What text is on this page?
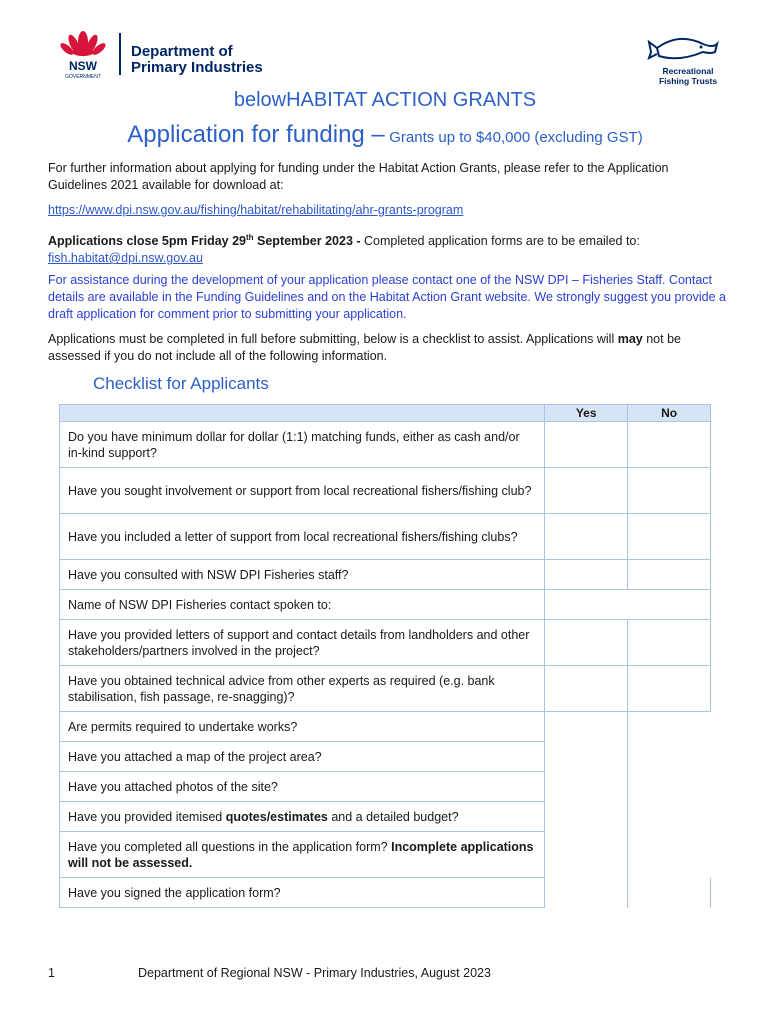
NSW
GOVERNMENT
Department of
Primary Industries	Recreational
Fishing Trusts
belowHABITAT ACTION GRANTS
Application for funding – Grants up to $40,000 (excluding GST)
For further information about applying for funding under the Habitat Action Grants, please refer to the Application Guidelines 2021 available for download at:
https://www.dpi.nsw.gov.au/fishing/habitat/rehabilitating/ahr-grants-program
Applications close 5pm Friday 29th September 2023 - Completed application forms are to be emailed to:
fish.habitat@dpi.nsw.gov.au
For assistance during the development of your application please contact one of the NSW DPI – Fisheries Staff. Contact details are available in the Funding Guidelines and on the Habitat Action Grant website. We strongly suggest you provide a draft application for comment prior to submitting your application.
Applications must be completed in full before submitting, below is a checklist to assist. Applications will may not be assessed if you do not include all of the following information.
Checklist for Applicants
	Yes	No
Do you have minimum dollar for dollar (1:1) matching funds, either as cash and/or in-kind support?		
Have you sought involvement or support from local recreational fishers/fishing club?		
Have you included a letter of support from local recreational fishers/fishing clubs?		
Have you consulted with NSW DPI Fisheries staff?		
Name of NSW DPI Fisheries contact spoken to:		
Have you provided letters of support and contact details from landholders and other stakeholders/partners involved in the project?		
Have you obtained technical advice from other experts as required (e.g. bank stabilisation, fish passage, re-snagging)?		
Are permits required to undertake works?		
Have you attached a map of the project area?		
Have you attached photos of the site?		
Have you provided itemised quotes/estimates and a detailed budget?		
Have you completed all questions in the application form? Incomplete applications will not be assessed.		
Have you signed the application form?		
1	Department of Regional NSW - Primary Industries, August 2023
